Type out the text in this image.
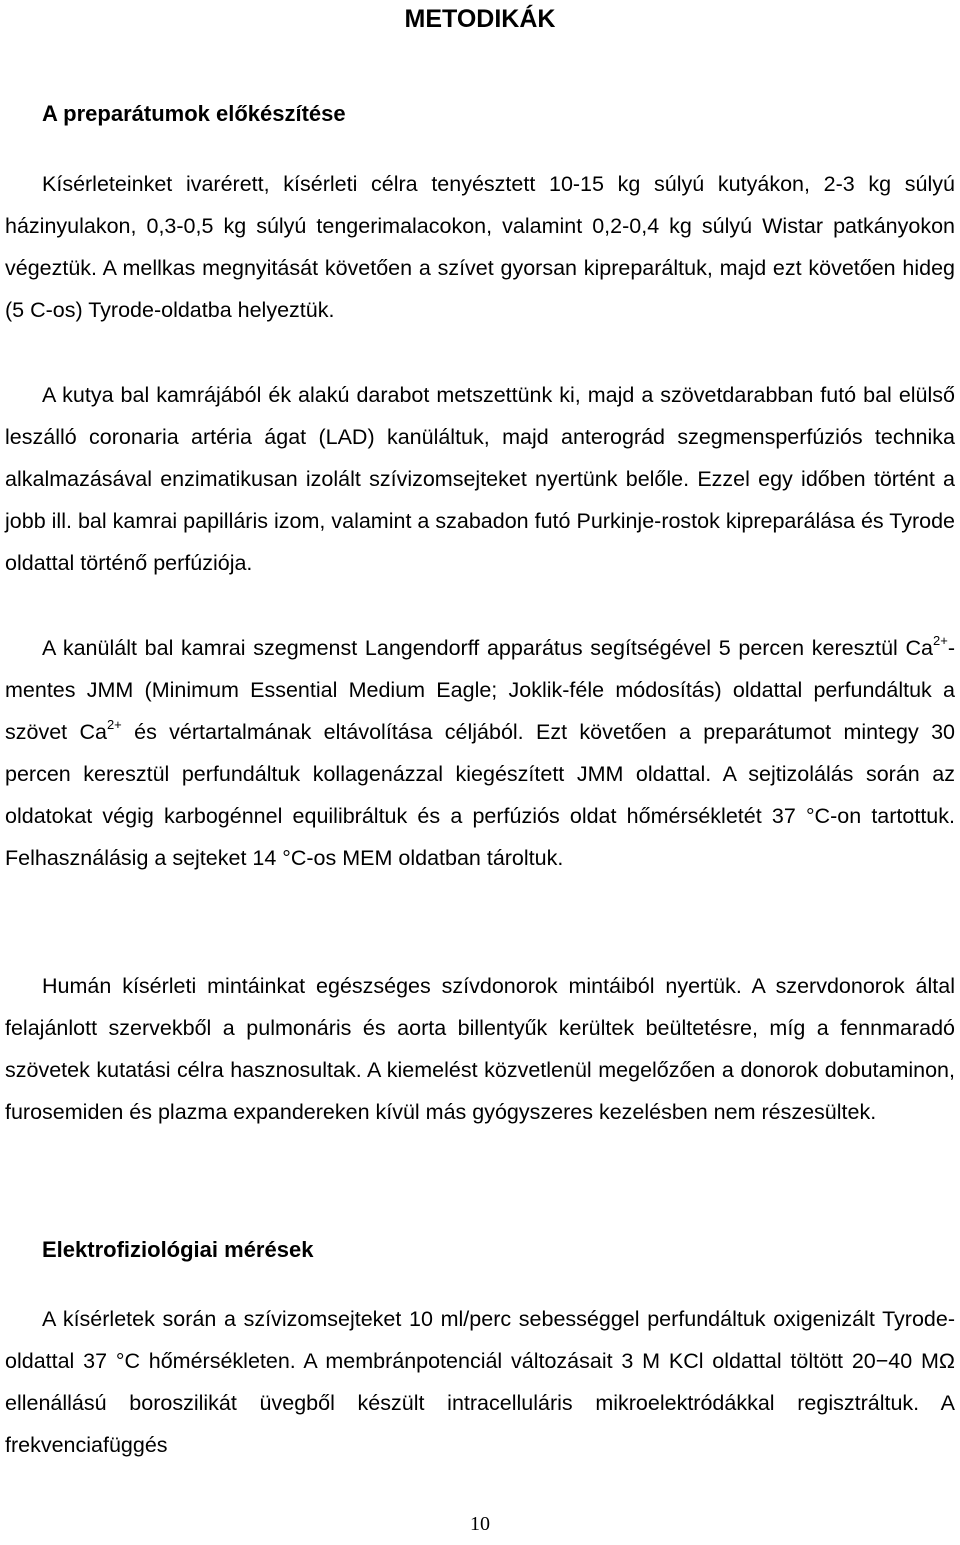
METODIKÁK
A preparátumok előkészítése

Kísérleteinket ivarérett, kísérleti célra tenyésztett 10-15 kg súlyú kutyákon, 2-3 kg súlyú házinyulakon, 0,3-0,5 kg súlyú tengerimalacokon, valamint 0,2-0,4 kg súlyú Wistar patkányokon végeztük. A mellkas megnyitását követően a szívet gyorsan kipreparáltuk, majd ezt követően hideg (5 C-os) Tyrode-oldatba helyeztük.

A kutya bal kamrájából ék alakú darabot metszettünk ki, majd a szövetdarabban futó bal elülső leszálló coronaria artéria ágat (LAD) kanüláltuk, majd anterográd szegmensperfúziós technika alkalmazásával enzimatikusan izolált szívizomsejteket nyertünk belőle. Ezzel egy időben történt a jobb ill. bal kamrai papilláris izom, valamint a szabadon futó Purkinje-rostok kipreparálása és Tyrode oldattal történő perfúziója.

A kanülált bal kamrai szegmenst Langendorff apparátus segítségével 5 percen keresztül $Ca^{2+}$-mentes JMM (Minimum Essential Medium Eagle; Joklik-féle módosítás) oldattal perfundáltuk a szövet $Ca^{2+}$ és vértartalmának eltávolítása céljából. Ezt követően a preparátumot mintegy 30 percen keresztül perfundáltuk kollagenázzal kiegészített JMM oldattal. A sejtizolálás során az oldatokat végig karbogénnel equilibráltuk és a perfúziós oldat hőmérsékletét 37 °C-on tartottuk. Felhasználásig a sejteket 14 °C-os MEM oldatban tároltuk.

Humán kísérleti mintáinkat egészséges szívdonorok mintáiból nyertük. A szervdonorok által felajánlott szervekből a pulmonáris és aorta billentyűk kerültek beültetésre, míg a fennmaradó szövetek kutatási célra hasznosultak. A kiemelést közvetlenül megelőzően a donorok dobutaminon, furosemiden és plazma expandereken kívül más gyógyszeres kezelésben nem részesültek.

Elektrofiziológiai mérések

A kísérletek során a szívizomsejteket 10 ml/perc sebességgel perfundáltuk oxigenizált Tyrode-oldattal 37 °C hőmérsékleten. A membránpotenciál változásait 3 M KCl oldattal töltött 20−40 MΩ ellenállású boroszilikát üvegből készült intracelluláris mikroelektródákkal regisztráltuk. A frekvenciafüggés

10
